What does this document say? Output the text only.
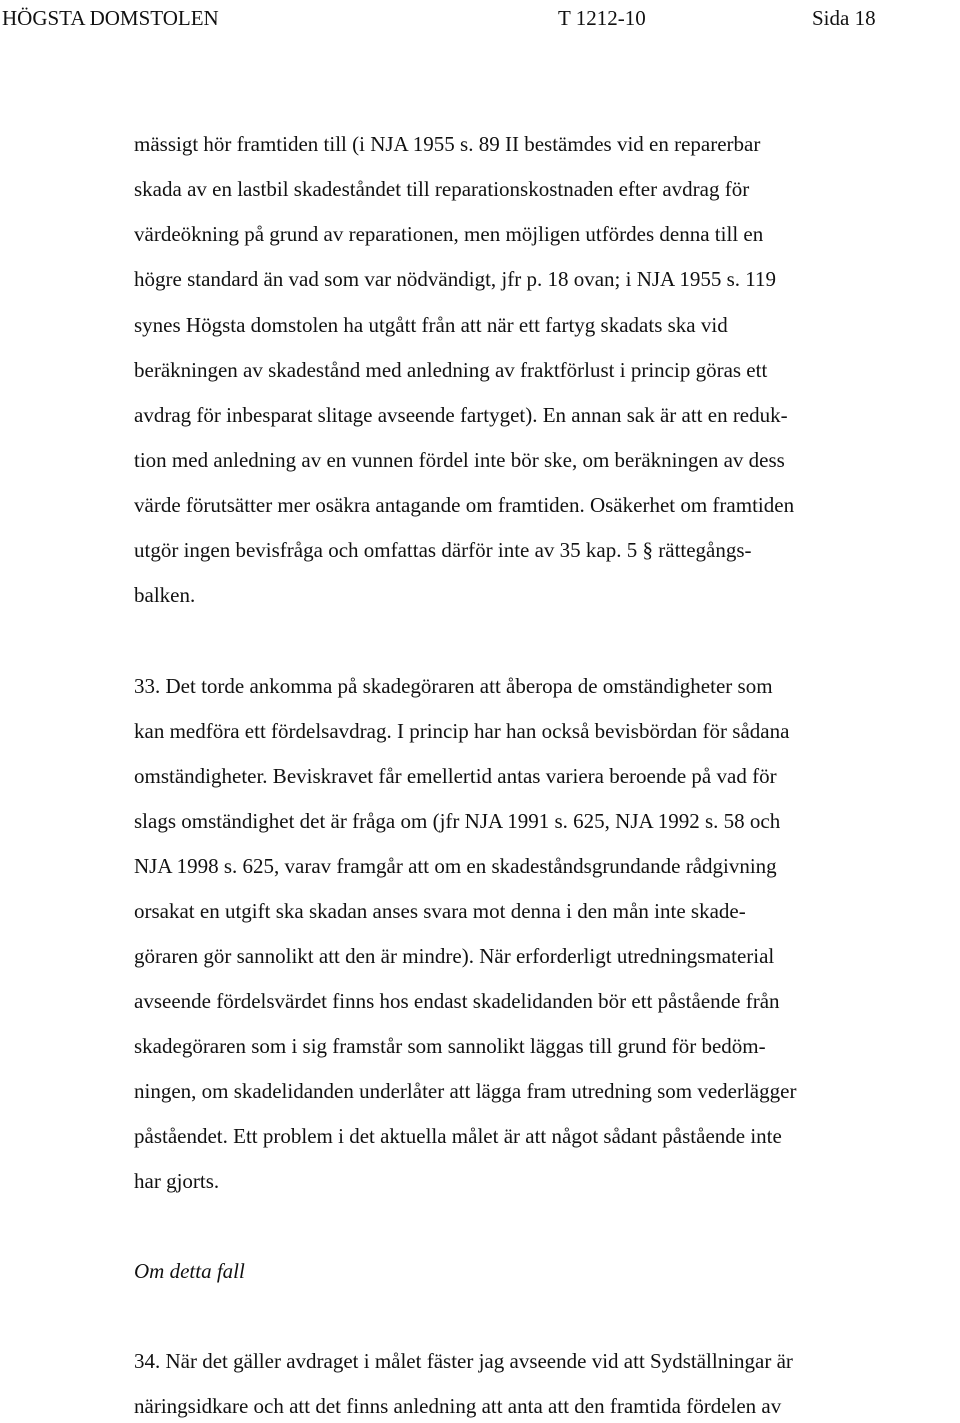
HÖGSTA DOMSTOLEN	T 1212-10	Sida 18
mässigt hör framtiden till (i NJA 1955 s. 89 II bestämdes vid en reparerbar
skada av en lastbil skadeståndet till reparationskostnaden efter avdrag för
värdeökning på grund av reparationen, men möjligen utfördes denna till en
högre standard än vad som var nödvändigt, jfr p. 18 ovan; i NJA 1955 s. 119
synes Högsta domstolen ha utgått från att när ett fartyg skadats ska vid
beräkningen av skadestånd med anledning av fraktförlust i princip göras ett
avdrag för inbesparat slitage avseende fartyget). En annan sak är att en reduk-
tion med anledning av en vunnen fördel inte bör ske, om beräkningen av dess
värde förutsätter mer osäkra antagande om framtiden. Osäkerhet om framtiden
utgör ingen bevisfråga och omfattas därför inte av 35 kap. 5 § rättegångs-
balken.
33. Det torde ankomma på skadegöraren att åberopa de omständigheter som
kan medföra ett fördelsavdrag. I princip har han också bevisbördan för sådana
omständigheter. Beviskravet får emellertid antas variera beroende på vad för
slags omständighet det är fråga om (jfr NJA 1991 s. 625, NJA 1992 s. 58 och
NJA 1998 s. 625, varav framgår att om en skadeståndsgrundande rådgivning
orsakat en utgift ska skadan anses svara mot denna i den mån inte skade-
göraren gör sannolikt att den är mindre). När erforderligt utredningsmaterial
avseende fördelsvärdet finns hos endast skadelidanden bör ett påstående från
skadegöraren som i sig framstår som sannolikt läggas till grund för bedöm-
ningen, om skadelidanden underlåter att lägga fram utredning som vederlägger
påståendet. Ett problem i det aktuella målet är att något sådant påstående inte
har gjorts.
Om detta fall
34. När det gäller avdraget i målet fäster jag avseende vid att Sydställningar är
näringsidkare och att det finns anledning att anta att den framtida fördelen av
